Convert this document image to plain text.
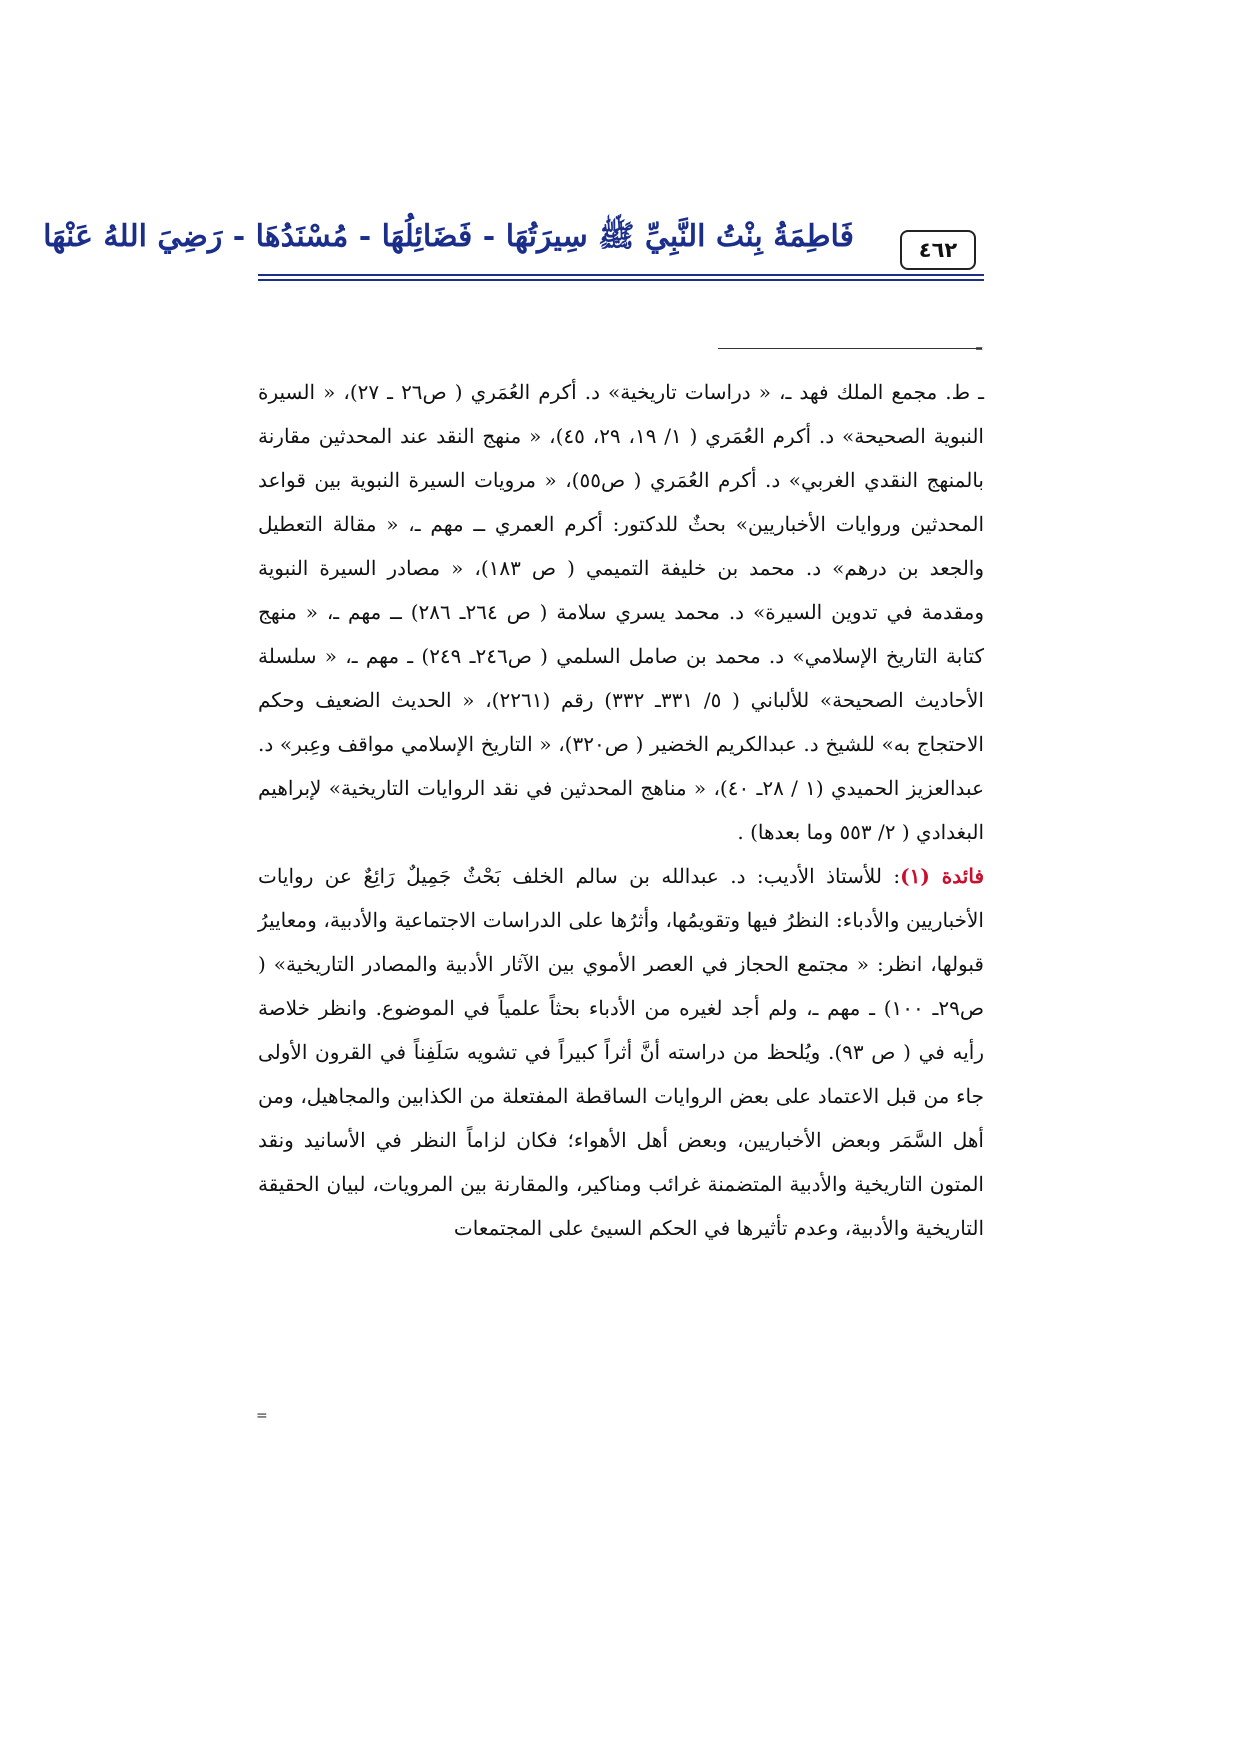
فَاطِمَةُ بِنْتُ النَّبِيِّ ﷺ سِيرَتُهَا - فَضَائِلُهَا - مُسْنَدُهَا - رَضِيَ اللهُ عَنْهَا	٤٦٢
=

ـ ط. مجمع الملك فهد ـ، « دراسات تاريخية» د. أكرم العُمَري ( ص٢٦ ـ ٢٧)، « السيرة النبوية الصحيحة» د. أكرم العُمَري ( ١/ ١٩، ٢٩، ٤٥)، « منهج النقد عند المحدثين مقارنة بالمنهج النقدي الغربي» د. أكرم العُمَري ( ص٥٥)، « مرويات السيرة النبوية بين قواعد المحدثين وروايات الأخباريين» بحثٌ للدكتور: أكرم العمري ــ مهم ـ، « مقالة التعطيل والجعد بن درهم» د. محمد بن خليفة التميمي ( ص ١٨٣)، « مصادر السيرة النبوية ومقدمة في تدوين السيرة» د. محمد يسري سلامة ( ص ٢٦٤ـ ٢٨٦) ــ مهم ـ، « منهج كتابة التاريخ الإسلامي» د. محمد بن صامل السلمي ( ص٢٤٦ـ ٢٤٩) ـ مهم ـ، « سلسلة الأحاديث الصحيحة» للألباني ( ٥/ ٣٣١ـ ٣٣٢) رقم (٢٢٦١)، « الحديث الضعيف وحكم الاحتجاج به» للشيخ د. عبدالكريم الخضير ( ص٣٢٠)، « التاريخ الإسلامي مواقف وعِبر» د. عبدالعزيز الحميدي (١ / ٢٨ـ ٤٠)، « مناهج المحدثين في نقد الروايات التاريخية» لإبراهيم البغدادي ( ٢/ ٥٥٣ وما بعدها) .

فائدة (١): للأستاذ الأديب: د. عبدالله بن سالم الخلف بَحْثٌ جَمِيلٌ رَائِعٌ عن روايات الأخباريين والأدباء: النظرُ فيها وتقويمُها، وأثرُها على الدراسات الاجتماعية والأدبية، ومعاييرُ قبولها، انظر: « مجتمع الحجاز في العصر الأموي بين الآثار الأدبية والمصادر التاريخية» ( ص٢٩ـ ١٠٠) ـ مهم ـ، ولم أجد لغيره من الأدباء بحثاً علمياً في الموضوع. وانظر خلاصة رأيه في ( ص ٩٣). ويُلحظ من دراسته أنَّ أثراً كبيراً في تشويه سَلَفِناً في القرون الأولى جاء من قبل الاعتماد على بعض الروايات الساقطة المفتعلة من الكذابين والمجاهيل، ومن أهل السَّمَر وبعض الأخباريين، وبعض أهل الأهواء؛ فكان لزاماً النظر في الأسانيد ونقد المتون التاريخية والأدبية المتضمنة غرائب ومناكير، والمقارنة بين المرويات، لبيان الحقيقة التاريخية والأدبية، وعدم تأثيرها في الحكم السيئ على المجتمعات

=
